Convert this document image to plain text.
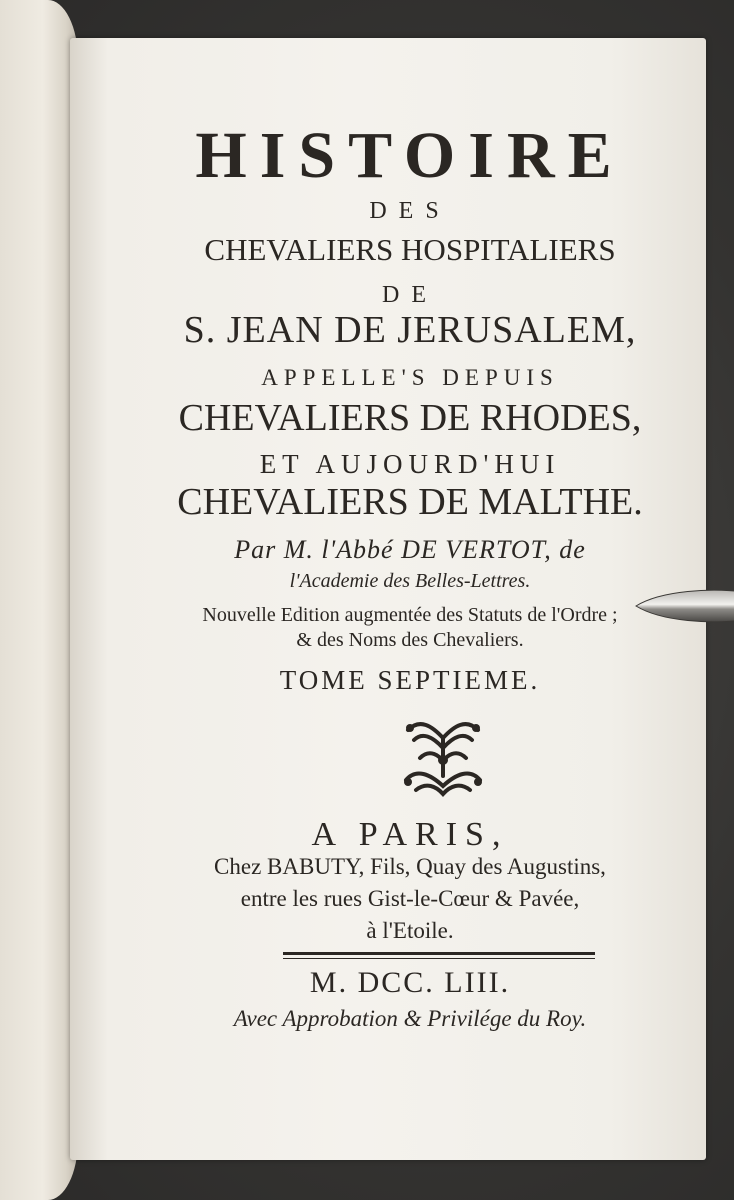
HISTOIRE
DES
CHEVALIERS HOSPITALIERS
DE
S. JEAN DE JERUSALEM,
APPELLE'S DEPUIS
CHEVALIERS DE RHODES,
ET AUJOURD'HUI
CHEVALIERS DE MALTHE.
Par M. l'Abbé DE VERTOT, de
l'Academie des Belles-Lettres.
Nouvelle Edition augmentée des Statuts de l'Ordre ;
& des Noms des Chevaliers.
TOME SEPTIEME.
A PARIS,
Chez BABUTY, Fils, Quay des Augustins,
entre les rues Gist-le-Cœur & Pavée,
à l'Etoile.
M. DCC. LIII.
Avec Approbation & Privilége du Roy.
